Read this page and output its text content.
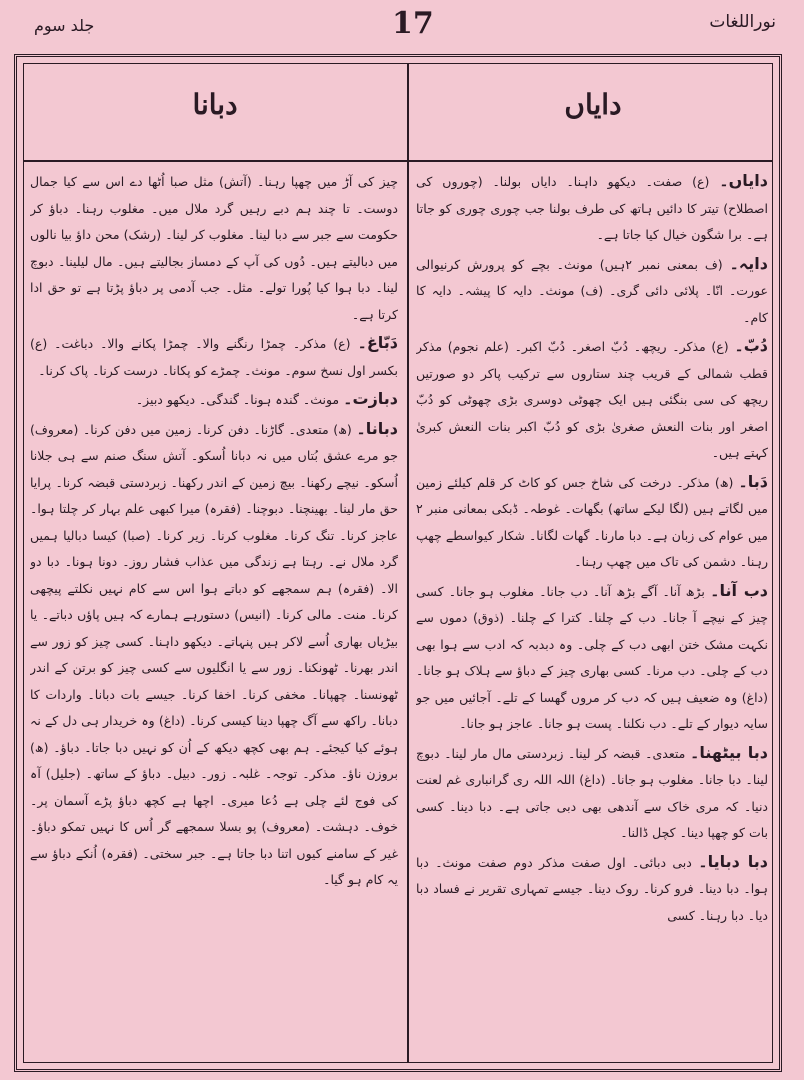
نوراللغات
17
جلد سوم
دایاں
دبانا

دایاں۔ (ع) صفت۔ دیکھو داہنا۔ دایاں بولنا۔ (چوروں کی اصطلاح) تیتر کا دائیں ہاتھ کی طرف بولنا جب چوری چوری کو جاتا ہے۔ برا شگون خیال کیا جاتا ہے۔

دایہ۔ (ف بمعنی نمبر ۲ہیں) مونث۔ بچے کو پرورش کرنیوالی عورت۔ انّا۔ پلائی دائی گری۔ (ف) مونث۔ دایہ کا پیشہ۔ دایہ کا کام۔

دُبّ۔ (ع) مذکر۔ ریچھ۔ دُبّ اصغر۔ دُبّ اکبر۔ (علم نجوم) مذکر قطب شمالی کے قریب چند ستاروں سے ترکیب پاکر دو صورتیں ریچھ کی سی بنگئی ہیں ایک چھوٹی دوسری بڑی چھوٹی کو دُبّ اصغر اور بنات النعش صغریٰ بڑی کو دُبّ اکبر بنات النعش کبریٰ کہتے ہیں۔

دَبا۔ (ھ) مذکر۔ درخت کی شاخ جس کو کاٹ کر قلم کیلئے زمین میں لگاتے ہیں (لگا لیکے ساتھ) بگھات۔ غوطہ۔ ڈبکی بمعانی منبر ۲ میں عوام کی زبان ہے۔ دبا مارنا۔ گھات لگانا۔ شکار کیواسطے چھپ رہنا۔ دشمن کی تاک میں چھپ رہنا۔

دب آنا۔ بڑھ آنا۔ آگے بڑھ آنا۔ دب جانا۔ مغلوب ہو جانا۔ کسی چیز کے نیچے آ جانا۔ دب کے چلنا۔ کترا کے چلنا۔ (ذوق) دموں سے نکہت مشک ختن ابھی دب کے چلی۔ وہ دبدبہ کہ ادب سے ہوا بھی دب کے چلی۔ دب مرنا۔ کسی بھاری چیز کے دباؤ سے ہلاک ہو جانا۔ (داغ) وہ ضعیف ہیں کہ دب کر مروں گھسا کے تلے۔ آجائیں میں جو سایہ دیوار کے تلے۔ دب نکلنا۔ پست ہو جانا۔ عاجز ہو جانا۔

دبا بیٹھنا۔ متعدی۔ قبضہ کر لینا۔ زبردستی مال مار لینا۔ دبوچ لینا۔ دبا جانا۔ مغلوب ہو جانا۔ (داغ) اللہ اللہ ری گرانباری غم لعنت دنیا۔ کہ مری خاک سے آندھی بھی دبی جاتی ہے۔ دبا دینا۔ کسی بات کو چھپا دینا۔ کچل ڈالنا۔

دبا دبایا۔ دبی دبائی۔ اول صفت مذکر دوم صفت مونث۔ دبا ہوا۔ دبا دینا۔ فرو کرنا۔ روک دینا۔ جیسے تمہاری تقریر نے فساد دبا دیا۔ دبا رہنا۔ کسی

چیز کی آڑ میں چھپا رہنا۔ (آتش) مثل صبا اُٹھا دے اس سے کیا جمال دوست۔ تا چند ہم دبے رہیں گرد ملال میں۔ مغلوب رہنا۔ دباؤ کر حکومت سے جبر سے دبا لینا۔ مغلوب کر لینا۔ (رشک) محن داؤ بیا نالوں میں دبالیتے ہیں۔ دُوں کی آپ کے دمساز بجالیتے ہیں۔ مال لیلینا۔ دبوچ لینا۔ دبا ہوا کیا پُورا تولے۔ مثل۔ جب آدمی پر دباؤ پڑتا ہے تو حق ادا کرتا ہے۔

دَبّاغ۔ (ع) مذکر۔ چمڑا رنگنے والا۔ چمڑا پکانے والا۔ دباغت۔ (ع) بکسر اول نسخ سوم۔ مونث۔ چمڑے کو پکانا۔ درست کرنا۔ پاک کرنا۔

دبازت۔ مونث۔ گندہ ہونا۔ گندگی۔ دیکھو دبیز۔

دبانا۔ (ھ) متعدی۔ گاڑنا۔ دفن کرنا۔ زمین میں دفن کرنا۔ (معروف) جو مرے عشق بُتاں میں نہ دبانا اُسکو۔ آتش سنگ صنم سے ہی جلانا اُسکو۔ نیچے رکھنا۔ بیچ زمین کے اندر رکھنا۔ زبردستی قبضہ کرنا۔ پرایا حق مار لینا۔ بھینچنا۔ دبوچنا۔ (فقرہ) میرا کبھی علم بہار کر چلتا ہوا۔ عاجز کرنا۔ تنگ کرنا۔ مغلوب کرنا۔ زیر کرنا۔ (صبا) کیسا دبالیا ہمیں گرد ملال نے۔ رہتا ہے زندگی میں عذاب فشار روز۔ دونا ہونا۔ دبا دو الا۔ (فقرہ) ہم سمجھے کو دباتے ہوا اس سے کام نہیں نکلتے پیچھی کرنا۔ منت۔ مالی کرنا۔ (انیس) دستورہے ہمارے کہ ہیں پاؤں دباتے۔ یا بیڑیاں بھاری اُسے لاکر ہیں پنہاتے۔ دیکھو داہنا۔ کسی چیز کو زور سے اندر بھرنا۔ ٹھونکنا۔ زور سے یا انگلیوں سے کسی چیز کو برتن کے اندر ٹھونسنا۔ چھپانا۔ مخفی کرنا۔ اخفا کرنا۔ جیسے بات دبانا۔ واردات کا دبانا۔ راکھ سے آگ چھپا دینا کیسی کرنا۔ (داغ) وہ خریدار ہی دل کے نہ ہوئے کیا کیجئے۔ ہم بھی کچھ دیکھ کے اُن کو نہیں دبا جاتا۔ دباؤ۔ (ھ) بروزن ناؤ۔ مذکر۔ توجہ۔ غلبہ۔ زور۔ دبیل۔ دباؤ کے ساتھ۔ (جلیل) آہ کی فوج لئے چلی ہے دُعا میری۔ اچھا ہے کچھ دباؤ پڑے آسمان پر۔ خوف۔ دہشت۔ (معروف) پو بسلا سمجھے گر اُس کا نہیں تمکو دباؤ۔ غیر کے سامنے کیوں اتنا دبا جاتا ہے۔ جبر سختی۔ (فقرہ) اُنکے دباؤ سے یہ کام ہو گیا۔
